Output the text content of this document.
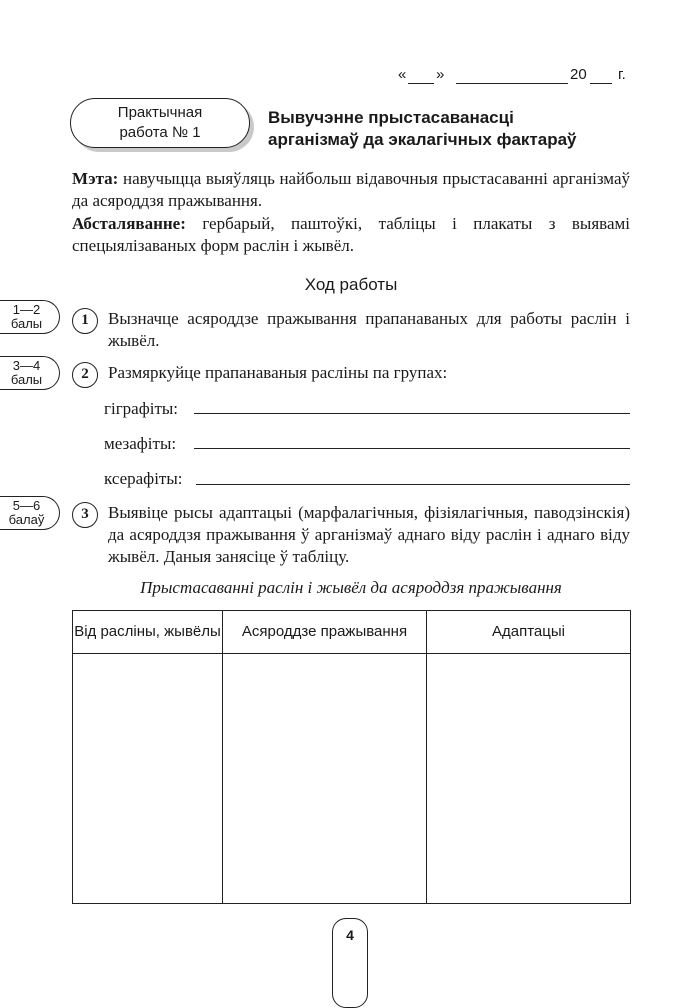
« »	20 г.
Практычная
работа № 1
Вывучэнне прыстасаванасці
арганізмаў да экалагічных фактараў
Мэта: навучыцца выяўляць найбольш відавочныя прыстасаванні арганізмаў да асяроддзя пражывання.
Абсталяванне: гербарый, паштоўкі, табліцы і плакаты з выявамі спецыялізаваных форм раслін і жывёл.
Ход работы
1—2
балы	1	Вызначце асяроддзе пражывання прапанаваных для работы раслін і жывёл.
3—4
балы	2	Размяркуйце прапанаваныя расліны па групах:
гіграфіты:
мезафіты:
ксерафіты:
5—6
балаў	3	Выявіце рысы адаптацыі (марфалагічныя, фізіялагічныя, паводзінскія) да асяроддзя пражывання ў арганізмаў аднаго віду раслін і аднаго віду жывёл. Даныя занясіце ў табліцу.
Прыстасаванні раслін і жывёл да асяроддзя пражывання
Від расліны, жывёлы	Асяроддзе пражывання	Адаптацыі

4
